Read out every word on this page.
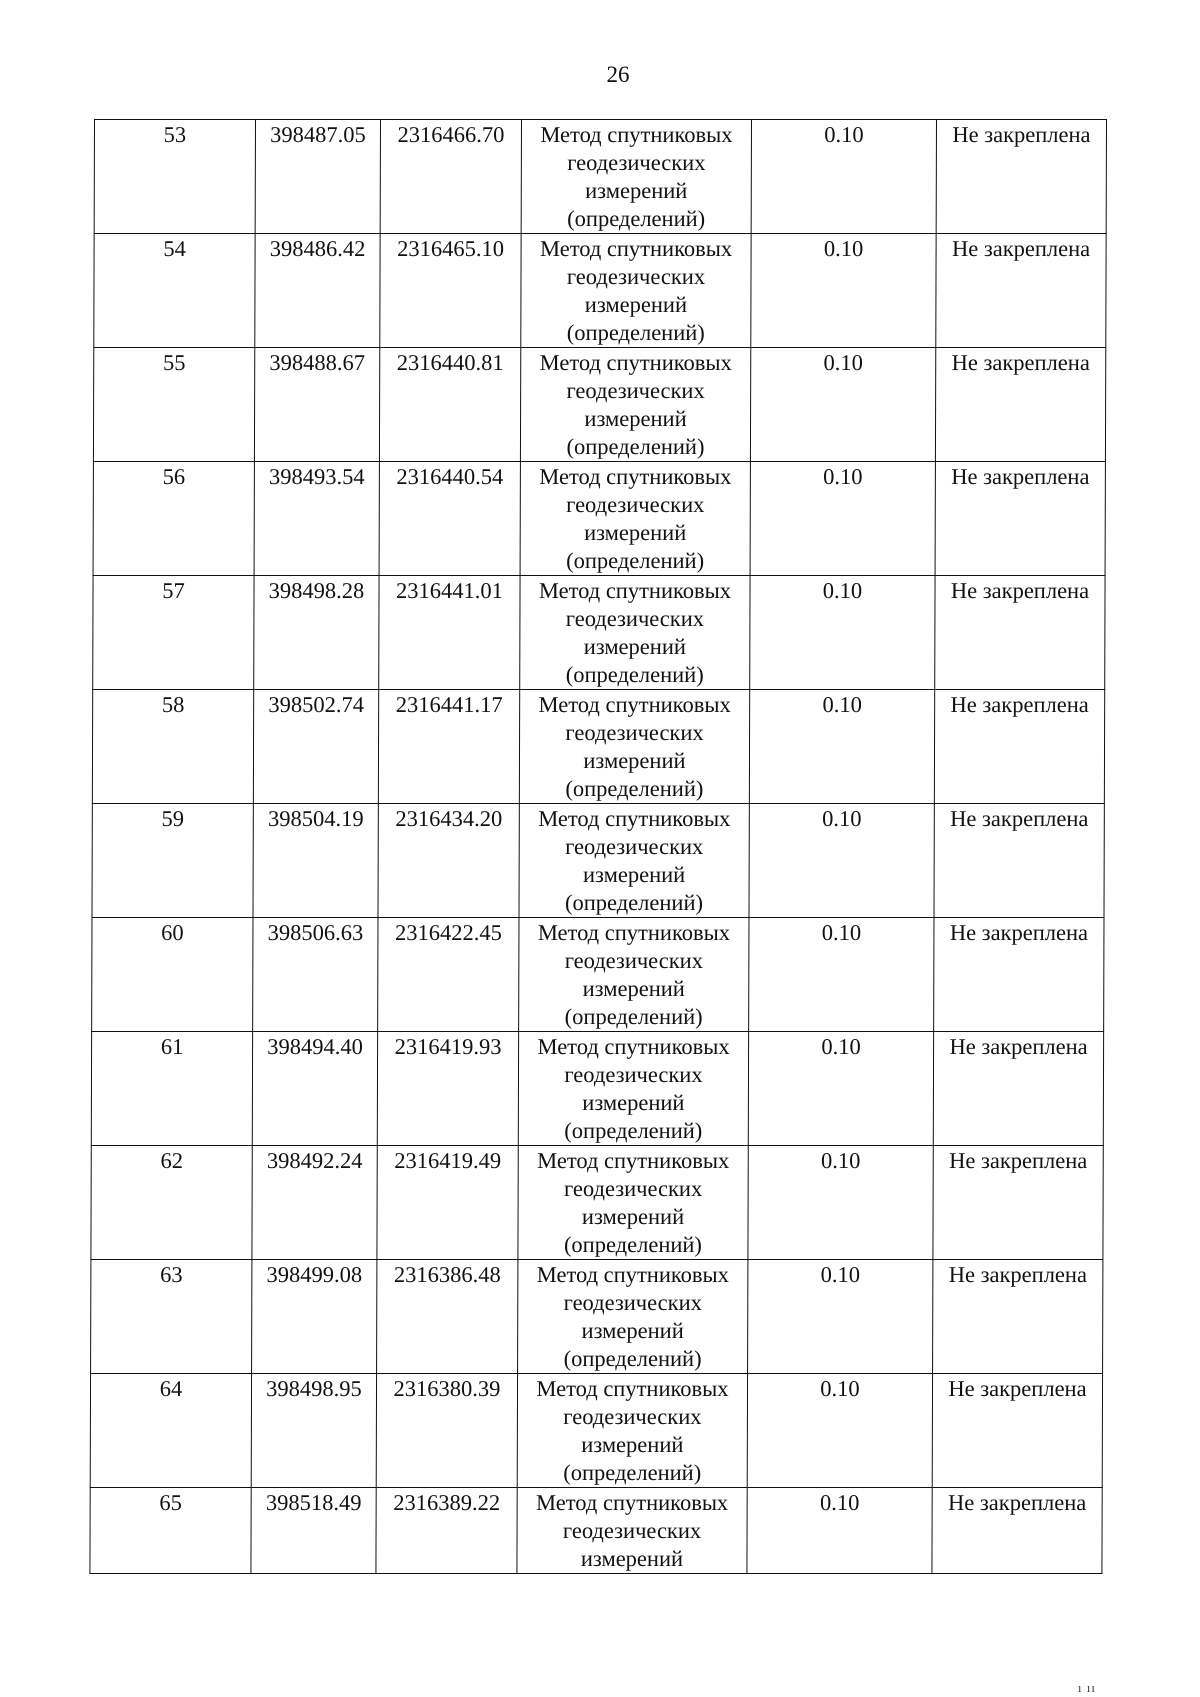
26
53	398487.05	2316466.70	Метод спутниковых
геодезических
измерений
(определений)	0.10	Не закреплена
54	398486.42	2316465.10	Метод спутниковых
геодезических
измерений
(определений)	0.10	Не закреплена
55	398488.67	2316440.81	Метод спутниковых
геодезических
измерений
(определений)	0.10	Не закреплена
56	398493.54	2316440.54	Метод спутниковых
геодезических
измерений
(определений)	0.10	Не закреплена
57	398498.28	2316441.01	Метод спутниковых
геодезических
измерений
(определений)	0.10	Не закреплена
58	398502.74	2316441.17	Метод спутниковых
геодезических
измерений
(определений)	0.10	Не закреплена
59	398504.19	2316434.20	Метод спутниковых
геодезических
измерений
(определений)	0.10	Не закреплена
60	398506.63	2316422.45	Метод спутниковых
геодезических
измерений
(определений)	0.10	Не закреплена
61	398494.40	2316419.93	Метод спутниковых
геодезических
измерений
(определений)	0.10	Не закреплена
62	398492.24	2316419.49	Метод спутниковых
геодезических
измерений
(определений)	0.10	Не закреплена
63	398499.08	2316386.48	Метод спутниковых
геодезических
измерений
(определений)	0.10	Не закреплена
64	398498.95	2316380.39	Метод спутниковых
геодезических
измерений
(определений)	0.10	Не закреплена
65	398518.49	2316389.22	Метод спутниковых
геодезических
измерений	0.10	Не закреплена
ı ıı
